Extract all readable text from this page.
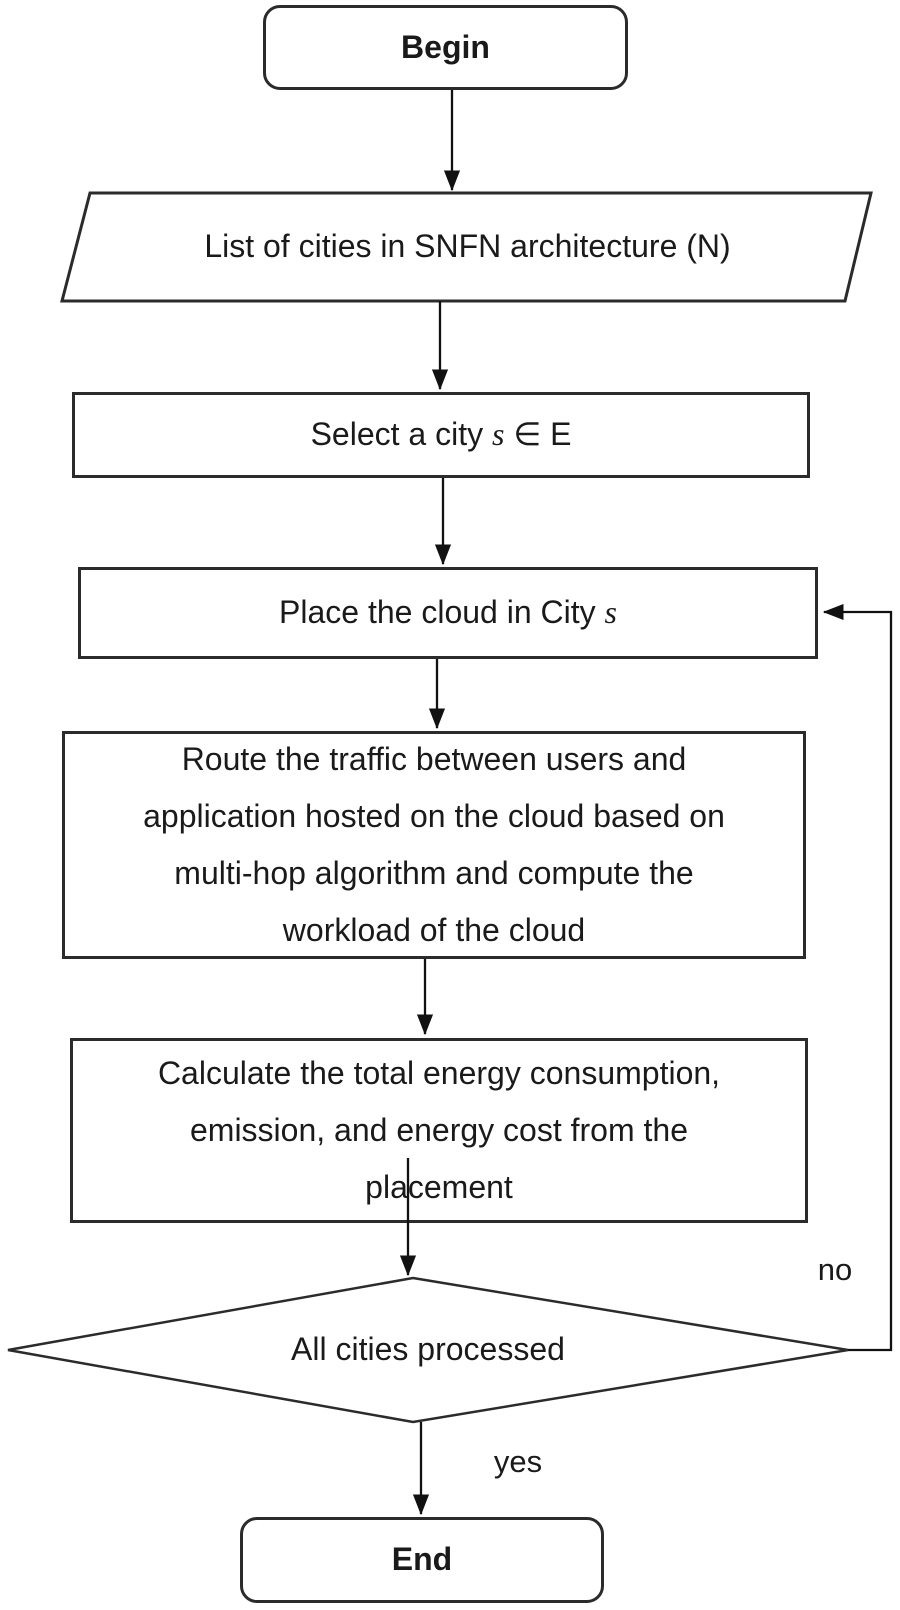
Begin
List of cities in SNFN architecture (N)
Select a city s ∈ E
Place the cloud in City s
Route the traffic between users and
application hosted on the cloud based on
multi-hop algorithm and compute the
workload of the cloud
Calculate the total energy consumption,
emission, and energy cost from the
placement
All cities processed
End
no
yes
